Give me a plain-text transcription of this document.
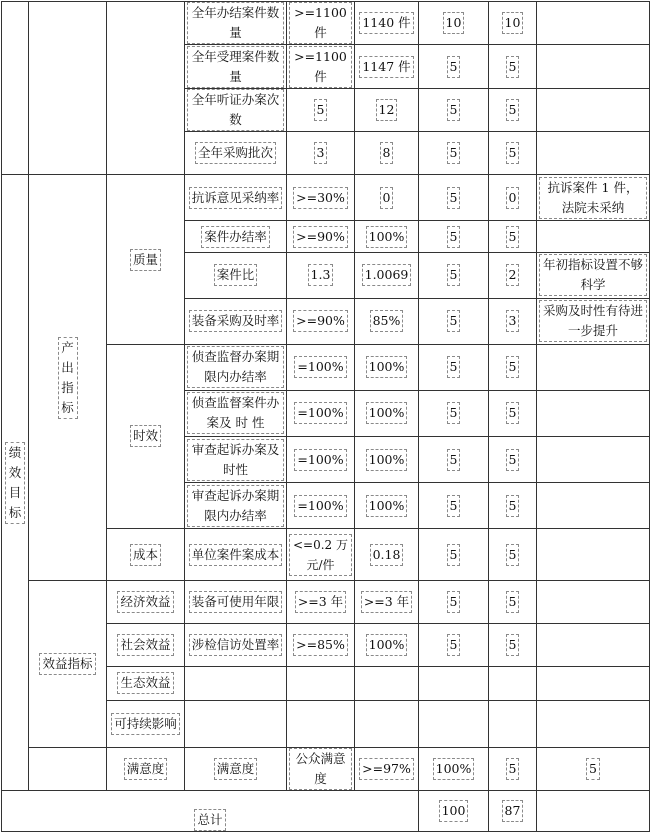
			全年办结案件数量	>=1100 件	1140 件	10	10		
			全年受理案件数量	>=1100 件	1147 件	5	5		
			全年听证办案次数	5	12	5	5		
			全年采购批次	3	8	5	5		
绩效目标	产出指标	质量	抗诉意见采纳率	>=30%	0	5	0	抗诉案件 1 件，法院未采纳	
			案件办结率	>=90%	100%	5	5		
			案件比	1.3	1.0069	5	2	年初指标设置不够科学	
			装备采购及时率	>=90%	85%	5	3	采购及时性有待进一步提升	
		时效	侦查监督办案期限内办结率	=100%	100%	5	5		
			侦查监督案件办案及 时 性	=100%	100%	5	5		
			审查起诉办案及时性	=100%	100%	5	5		
			审查起诉办案期限内办结率	=100%	100%	5	5		
		成本	单位案件案成本	<=0.2 万元/件	0.18	5	5		
	效益指标	经济效益	装备可使用年限	>=3 年	>=3 年	5	5		
		社会效益	涉检信访处置率	>=85%	100%	5	5		
		生态效益							
		可持续影响							
		满意度	满意度	公众满意度	>=97%	100%	5	5	
总计						100	87		
